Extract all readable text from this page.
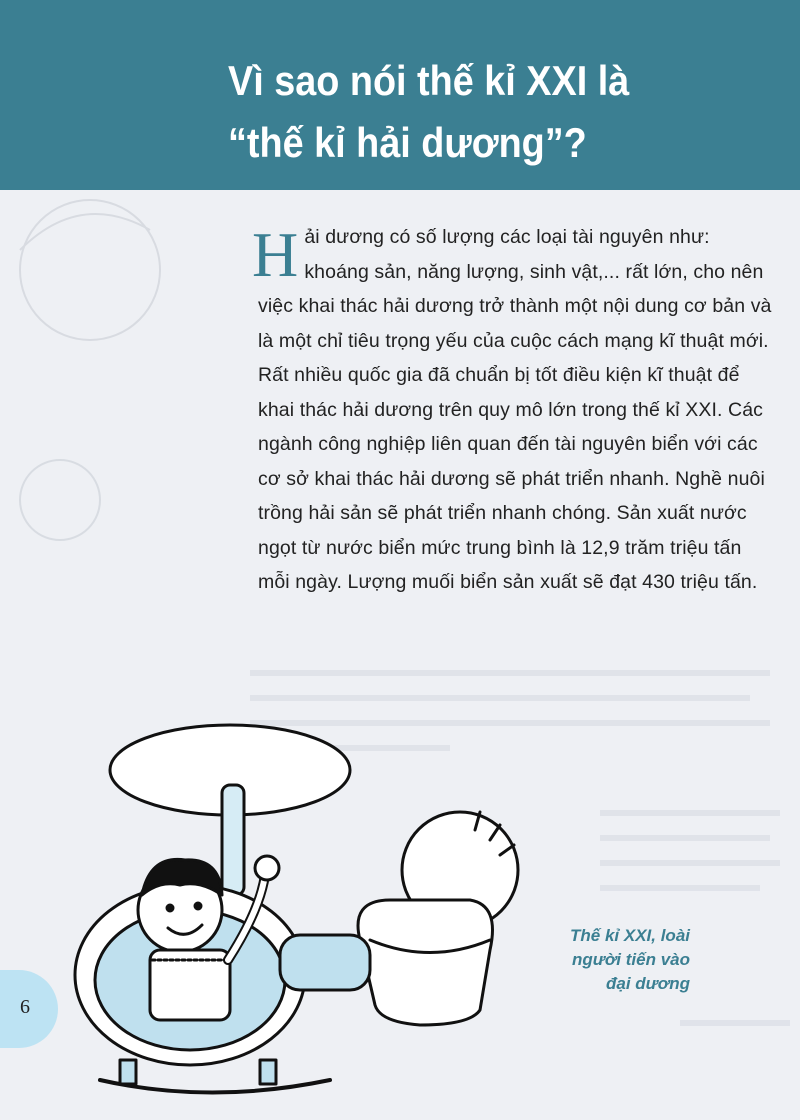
Vì sao nói thế kỉ XXI là
“thế kỉ hải dương”?
Hải dương có số lượng các loại tài nguyên như: khoáng sản, năng lượng, sinh vật,... rất lớn, cho nên việc khai thác hải dương trở thành một nội dung cơ bản và là một chỉ tiêu trọng yếu của cuộc cách mạng kĩ thuật mới. Rất nhiều quốc gia đã chuẩn bị tốt điều kiện kĩ thuật để khai thác hải dương trên quy mô lớn trong thế kỉ XXI. Các ngành công nghiệp liên quan đến tài nguyên biển với các cơ sở khai thác hải dương sẽ phát triển nhanh. Nghề nuôi trồng hải sản sẽ phát triển nhanh chóng. Sản xuất nước ngọt từ nước biển mức trung bình là 12,9 trăm triệu tấn mỗi ngày. Lượng muối biển sản xuất sẽ đạt 430 triệu tấn.
Thế kỉ XXI, loài
người tiến vào
đại dương
6
